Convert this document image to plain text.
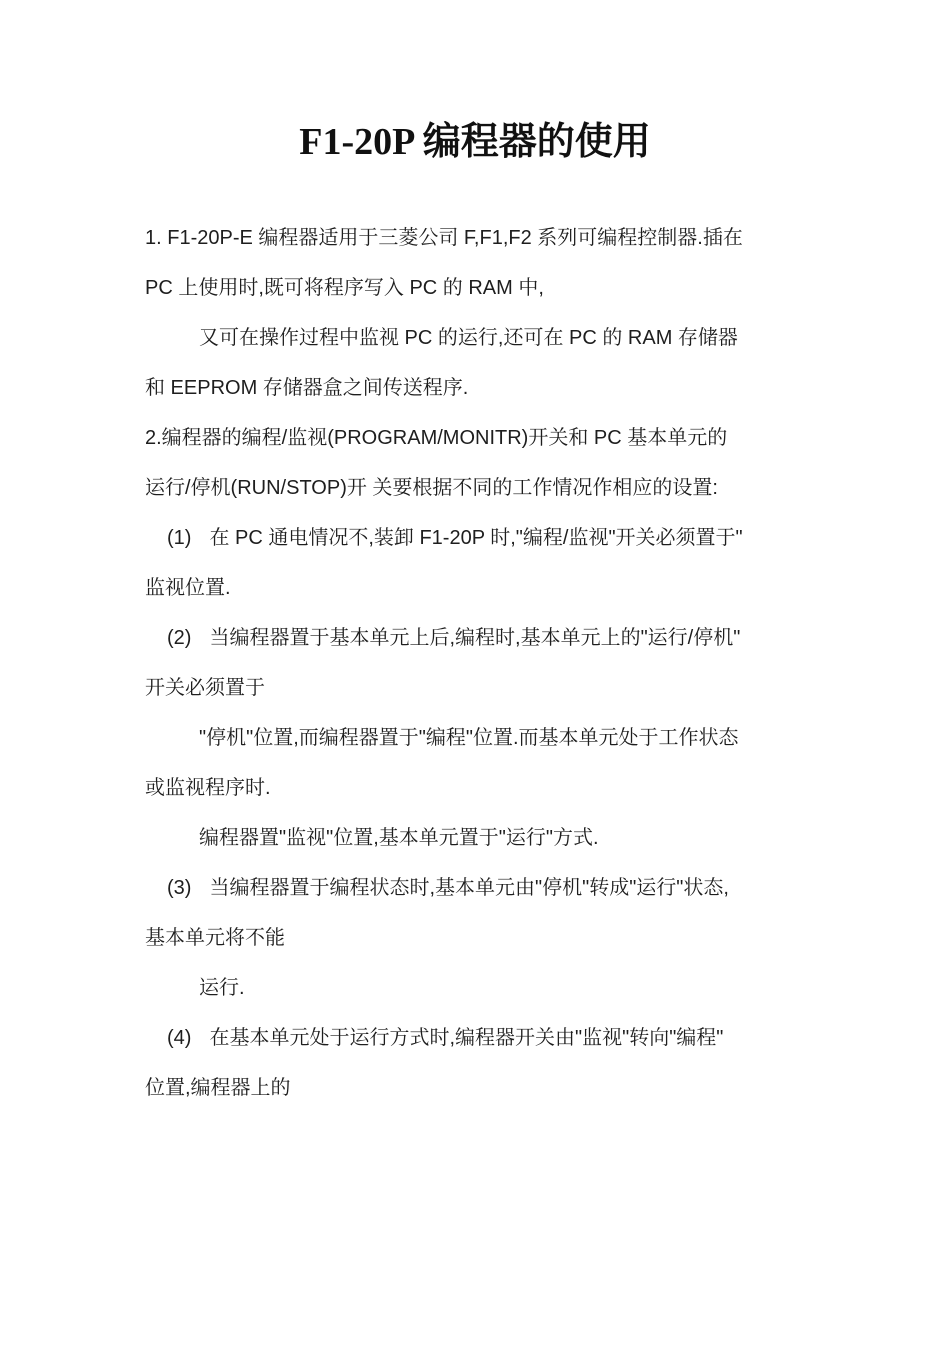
F1-20P 编程器的使用
1. F1-20P-E 编程器适用于三菱公司 F,F1,F2 系列可编程控制器.插在
PC 上使用时,既可将程序写入 PC 的 RAM 中,
又可在操作过程中监视 PC 的运行,还可在 PC 的 RAM 存储器
和 EEPROM 存储器盒之间传送程序.
2.编程器的编程/监视(PROGRAM/MONITR)开关和 PC 基本单元的
运行/停机(RUN/STOP)开 关要根据不同的工作情况作相应的设置:
(1) 在 PC 通电情况不,装卸 F1-20P 时,"编程/监视"开关必须置于"
监视位置.
(2) 当编程器置于基本单元上后,编程时,基本单元上的"运行/停机"
开关必须置于
"停机"位置,而编程器置于"编程"位置.而基本单元处于工作状态
或监视程序时.
编程器置"监视"位置,基本单元置于"运行"方式.
(3) 当编程器置于编程状态时,基本单元由"停机"转成"运行"状态,
基本单元将不能
运行.
(4) 在基本单元处于运行方式时,编程器开关由"监视"转向"编程"
位置,编程器上的
